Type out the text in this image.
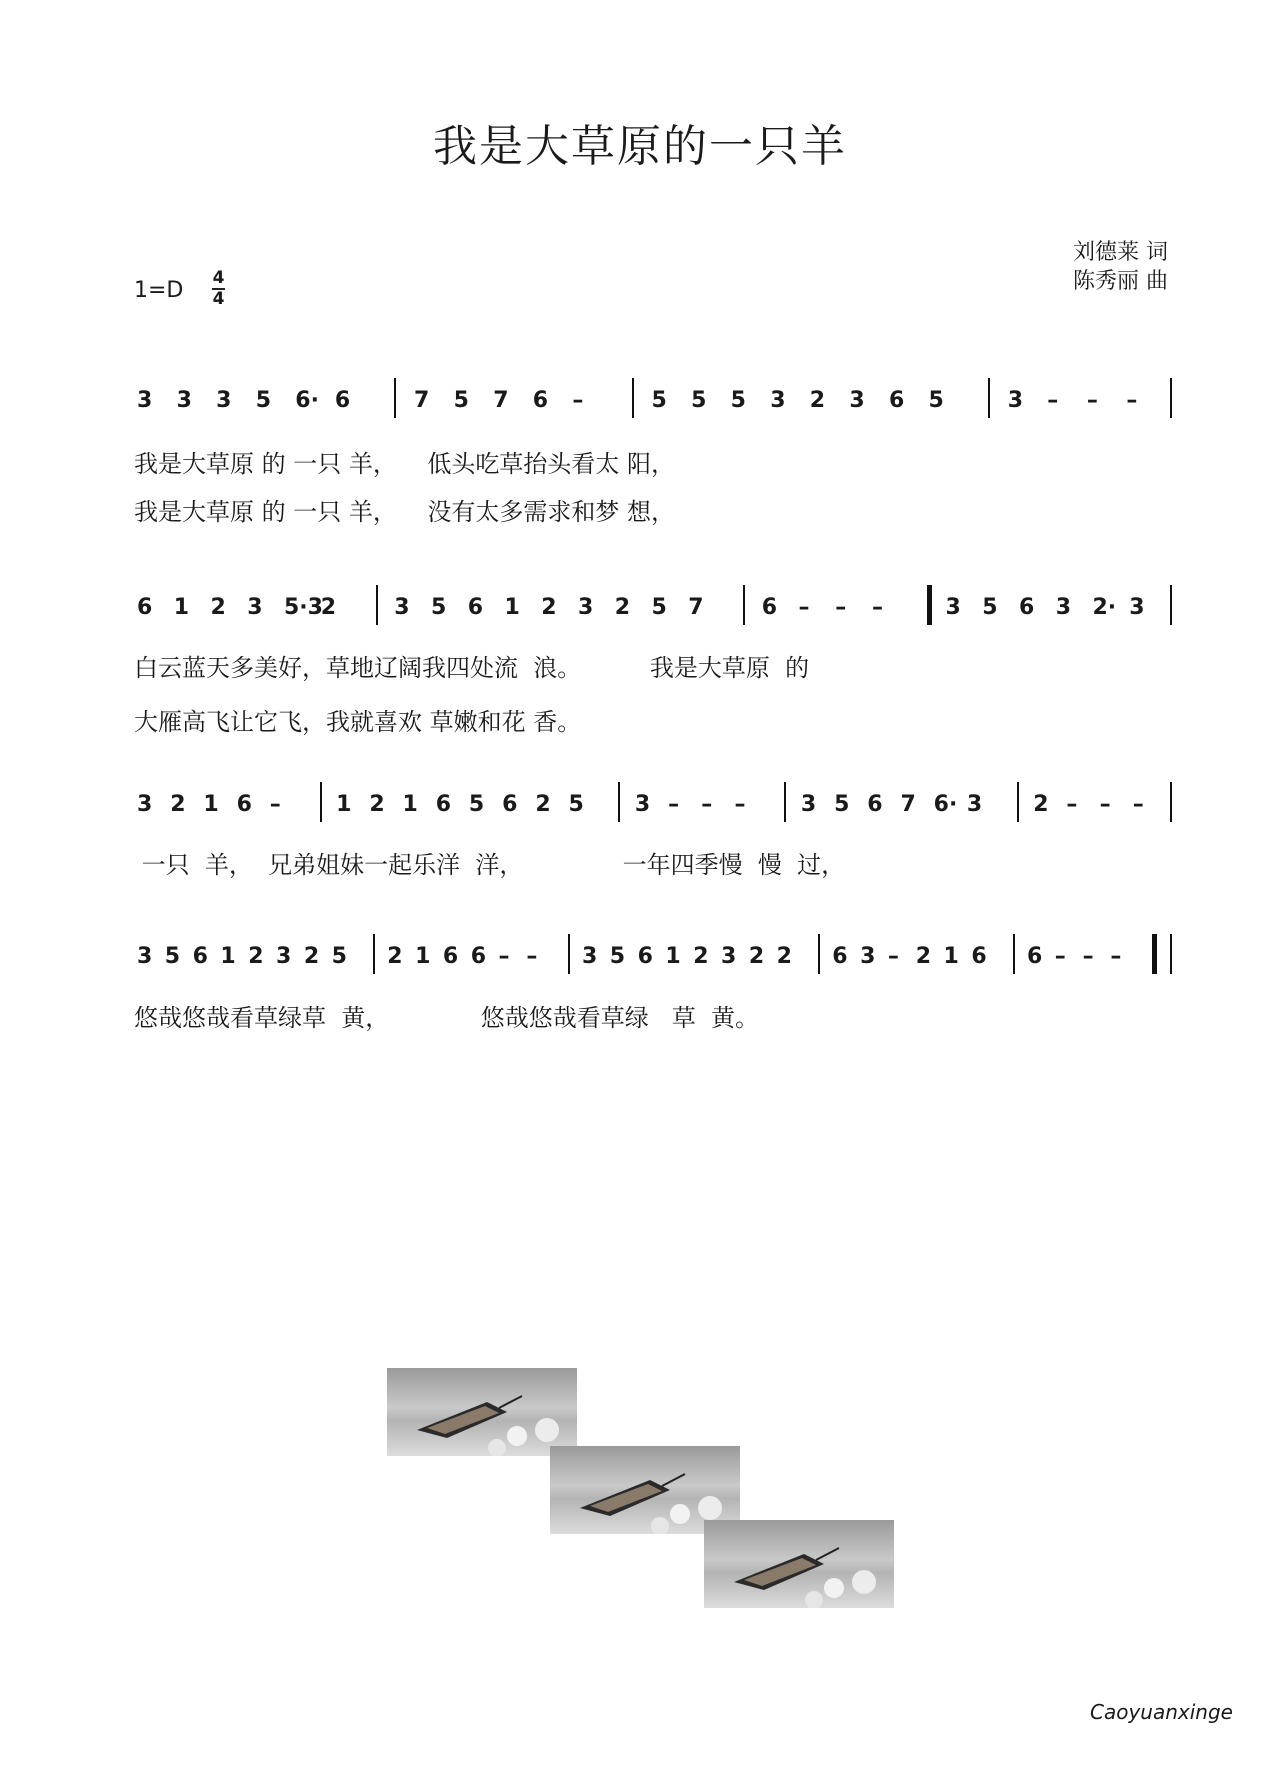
我是大草原的一只羊
刘德莱 词
陈秀丽 曲
1=D 4
4
3 3 3 5 6· 6	7 5 7 6 –	5 5 5 3 2 3 6 5	3 – – –
6 1 2 3 5·3
2	3 5 6 1 2 3 2 5 7	6 – – –	3 5 6 3 2· 3
3 2 1 6 –	1 2 1 6 5 6 2 5 3 – – –	3 5 6 7 6· 3 2 – – –
3 5 6 1 2 3 2 5 2 1 6 6 – – 3 5 6 1 2 3 2 2 6 3 – 2 1 6 6 – – –
我是大草原 的 一只 羊，    低头吃草抬头看太 阳，
我是大草原 的 一只 羊，    没有太多需求和梦 想，
白云蓝天多美好，草地辽阔我四处流  浪。         我是大草原  的
大雁高飞让它飞，我就喜欢 草嫩和花 香。
一只  羊，  兄弟姐妹一起乐洋  洋，             一年四季慢  慢  过，
悠哉悠哉看草绿草  黄，            悠哉悠哉看草绿   草  黄。
Caoyuanxinge
